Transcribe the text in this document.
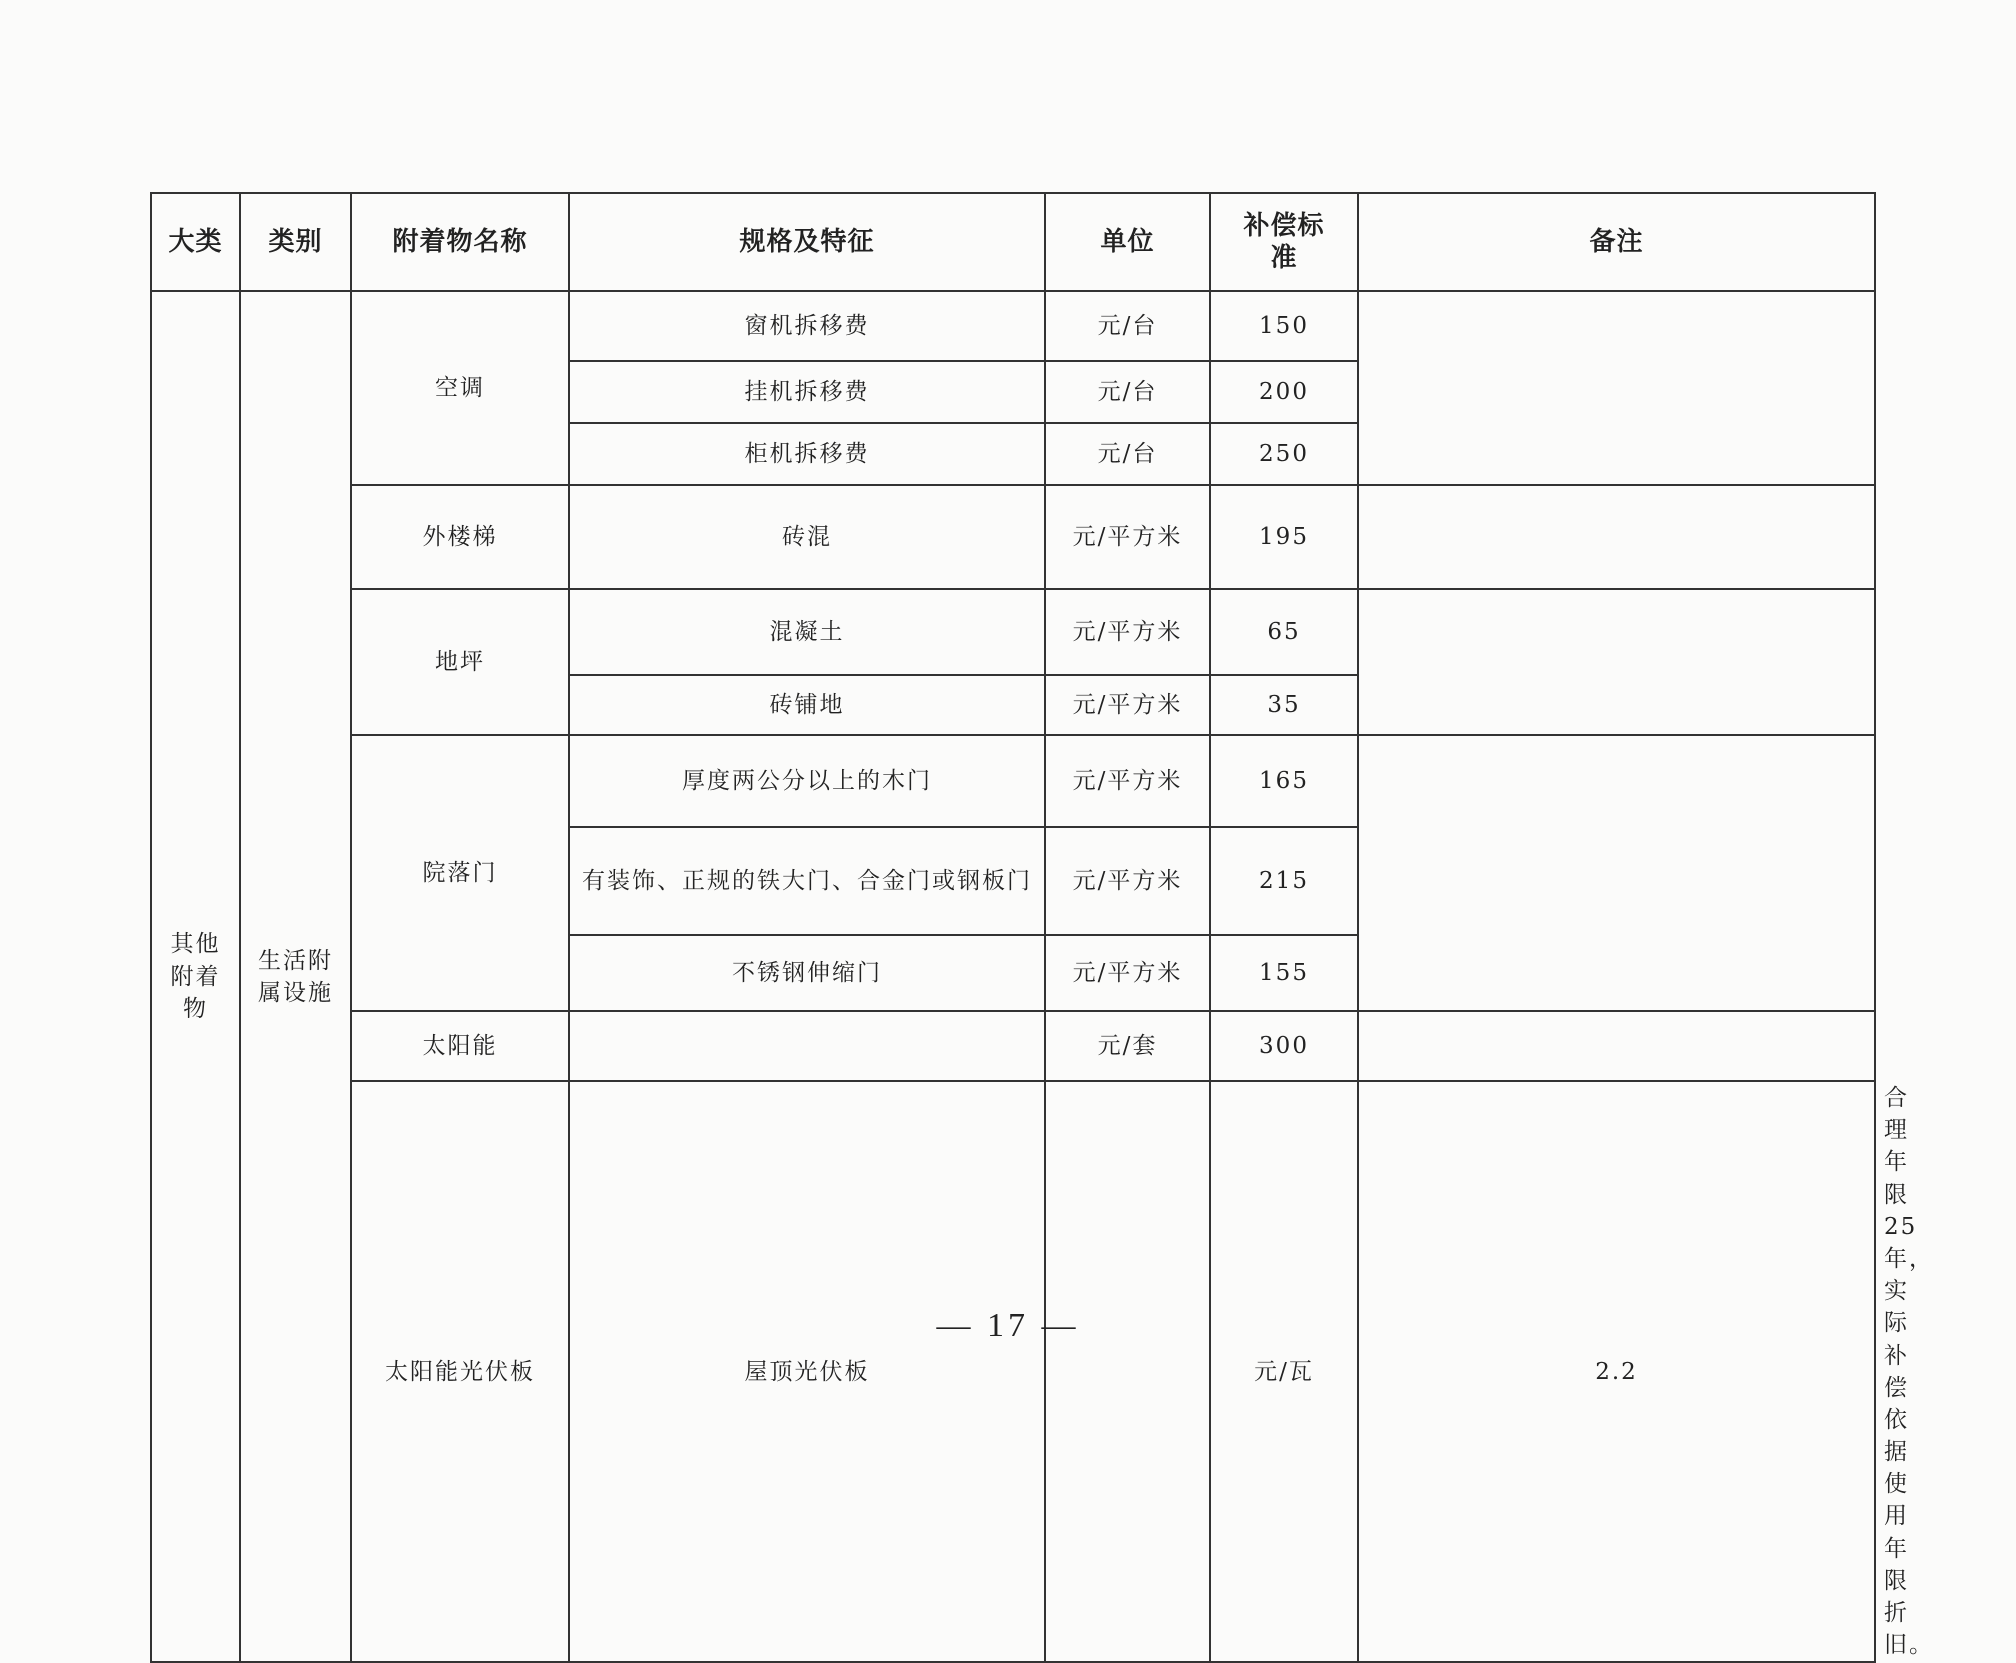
大类	类别	附着物名称	规格及特征	单位	补偿标准	备注	
其他附着物	生活附属设施	空调	窗机拆移费	元/台	150		
			挂机拆移费	元/台	200		
			柜机拆移费	元/台	250		
		外楼梯	砖混	元/平方米	195		
		地坪	混凝土	元/平方米	65		
			砖铺地	元/平方米	35		
		院落门	厚度两公分以上的木门	元/平方米	165		
			有装饰、正规的铁大门、合金门或钢板门	元/平方米	215		
			不锈钢伸缩门	元/平方米	155		
		太阳能		元/套	300		
		太阳能光伏板	屋顶光伏板		元/瓦	2.2	合理年限25年，实际补偿依据使用年限折旧。
— 17 —
